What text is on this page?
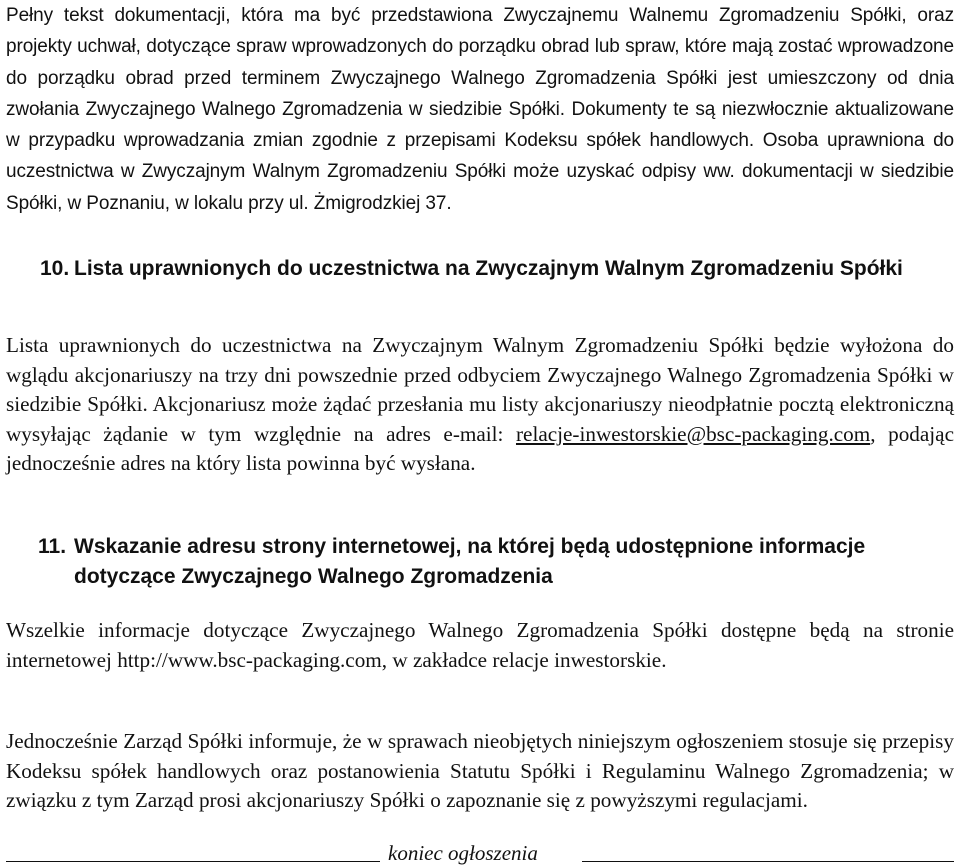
Pełny tekst dokumentacji, która ma być przedstawiona Zwyczajnemu Walnemu Zgromadzeniu Spółki, oraz projekty uchwał, dotyczące spraw wprowadzonych do porządku obrad lub spraw, które mają zostać wprowadzone do porządku obrad przed terminem Zwyczajnego Walnego Zgromadzenia Spółki jest umieszczony od dnia zwołania Zwyczajnego Walnego Zgromadzenia w siedzibie Spółki. Dokumenty te są niezwłocznie aktualizowane w przypadku wprowadzania zmian zgodnie z przepisami Kodeksu spółek handlowych. Osoba uprawniona do uczestnictwa w Zwyczajnym Walnym Zgromadzeniu Spółki może uzyskać odpisy ww. dokumentacji w siedzibie Spółki, w Poznaniu, w lokalu przy ul. Żmigrodzkiej 37.

10. Lista uprawnionych do uczestnictwa na Zwyczajnym Walnym Zgromadzeniu Spółki

Lista uprawnionych do uczestnictwa na Zwyczajnym Walnym Zgromadzeniu Spółki będzie wyłożona do wglądu akcjonariuszy na trzy dni powszednie przed odbyciem Zwyczajnego Walnego Zgromadzenia Spółki w siedzibie Spółki. Akcjonariusz może żądać przesłania mu listy akcjonariuszy nieodpłatnie pocztą elektroniczną wysyłając żądanie w tym względnie na adres e-mail: relacje-inwestorskie@bsc-packaging.com, podając jednocześnie adres na który lista powinna być wysłana.

11. Wskazanie adresu strony internetowej, na której będą udostępnione informacje dotyczące Zwyczajnego Walnego Zgromadzenia

Wszelkie informacje dotyczące Zwyczajnego Walnego Zgromadzenia Spółki dostępne będą na stronie internetowej http://www.bsc-packaging.com, w zakładce relacje inwestorskie.

Jednocześnie Zarząd Spółki informuje, że w sprawach nieobjętych niniejszym ogłoszeniem stosuje się przepisy Kodeksu spółek handlowych oraz postanowienia Statutu Spółki i Regulaminu Walnego Zgromadzenia; w związku z tym Zarząd prosi akcjonariuszy Spółki o zapoznanie się z powyższymi regulacjami.

koniec ogłoszenia
